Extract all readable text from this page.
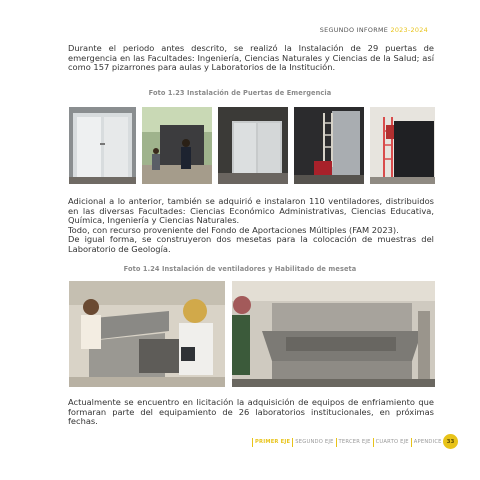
SEGUNDO INFORME 2023-2024

Durante el periodo antes descrito, se realizó la Instalación de 29 puertas de emergencia en las Facultades: Ingeniería, Ciencias Naturales y Ciencias de la Salud; así como 157 pizarrones para aulas y Laboratorios de la Institución.

Foto 1.23 Instalación de Puertas de Emergencia

Adicional a lo anterior, también se adquirió e instalaron 110 ventiladores, distribuidos en las diversas Facultades: Ciencias Económico Administrativas, Ciencias Educativa, Química, Ingeniería y Ciencias Naturales.

Todo, con recurso proveniente del Fondo de Aportaciones Múltiples (FAM 2023).

De igual forma, se construyeron dos mesetas para la colocación de muestras del Laboratorio de Geología.

Foto 1.24 Instalación de ventiladores y Habilitado de meseta

Actualmente se encuentro en licitación la adquisición de equipos de enfriamiento que formaran parte del equipamiento de 26 laboratorios institucionales, en próximas fechas.

PRIMER EJE SEGUNDO EJE TERCER EJE CUARTO EJE APENDICE 33
